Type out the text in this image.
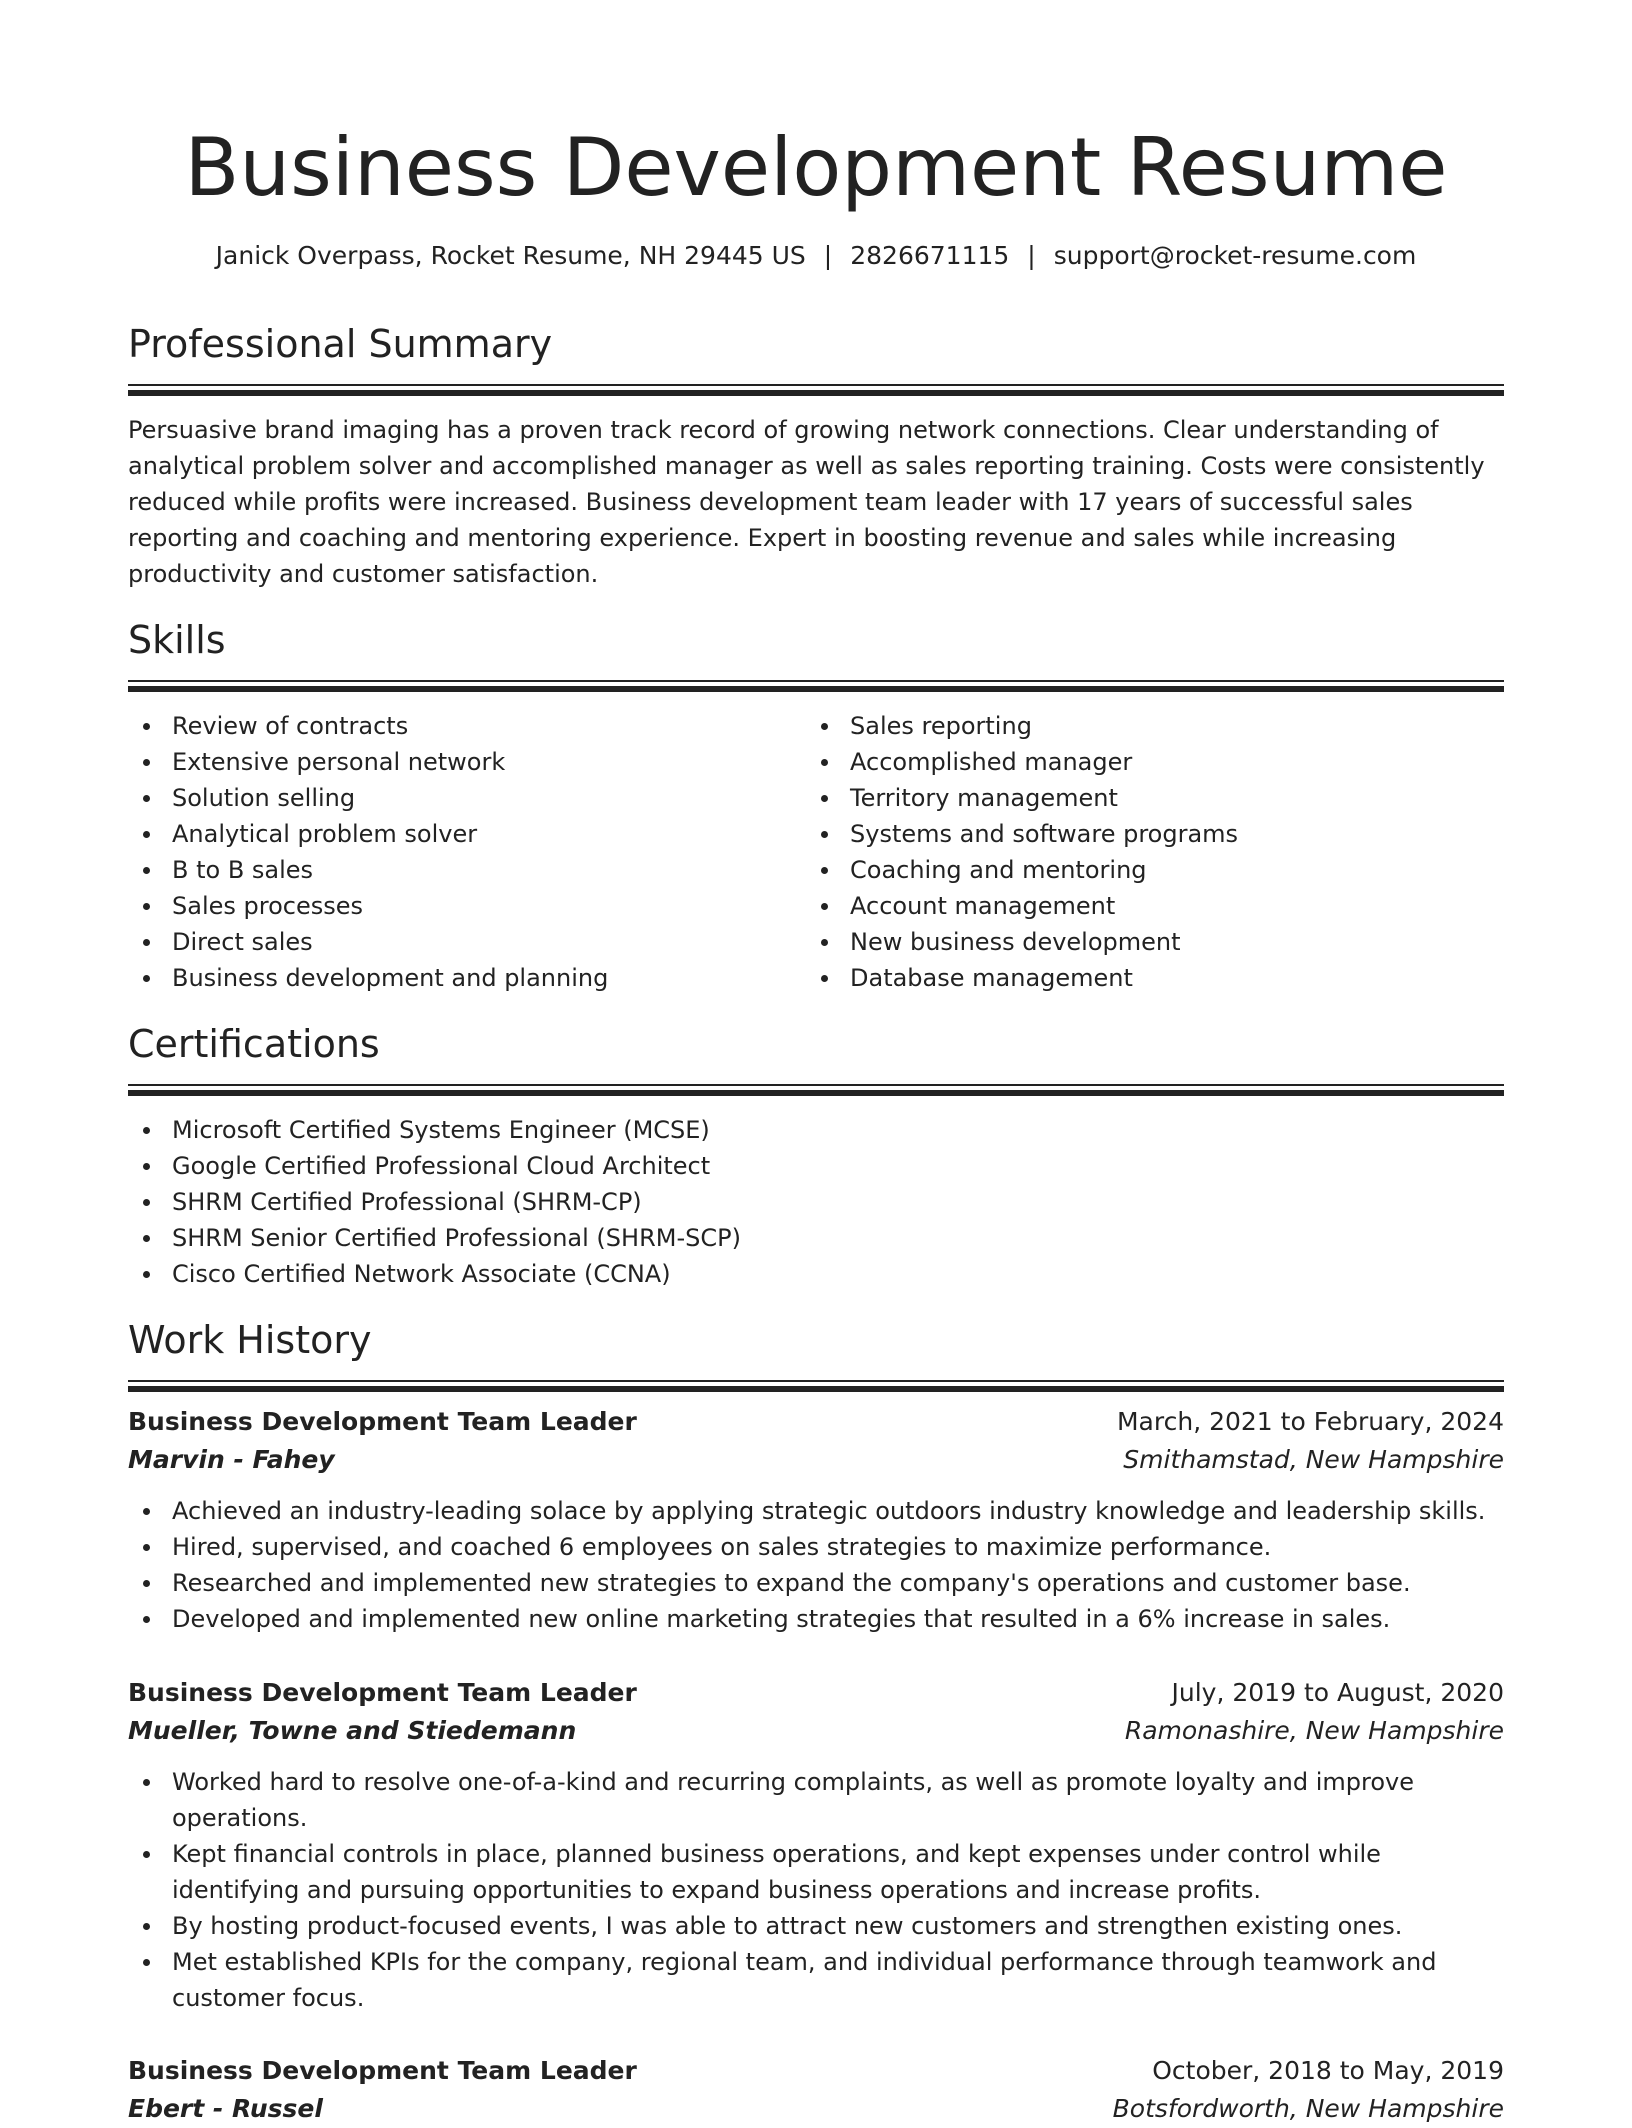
Business Development Resume
Janick Overpass, Rocket Resume, NH 29445 US | 2826671115 | support@rocket-resume.com
Professional Summary

Persuasive brand imaging has a proven track record of growing network connections. Clear understanding of analytical problem solver and accomplished manager as well as sales reporting training. Costs were consistently reduced while profits were increased. Business development team leader with 17 years of successful sales reporting and coaching and mentoring experience. Expert in boosting revenue and sales while increasing productivity and customer satisfaction.

Skills
Review of contracts
Extensive personal network
Solution selling
Analytical problem solver
B to B sales
Sales processes
Direct sales
Business development and planning
Sales reporting
Accomplished manager
Territory management
Systems and software programs
Coaching and mentoring
Account management
New business development
Database management
Certifications
Microsoft Certified Systems Engineer (MCSE)
Google Certified Professional Cloud Architect
SHRM Certified Professional (SHRM-CP)
SHRM Senior Certified Professional (SHRM-SCP)
Cisco Certified Network Associate (CCNA)
Work History
Business Development Team Leader	March, 2021 to February, 2024
Marvin - Fahey	Smithamstad, New Hampshire
Achieved an industry-leading solace by applying strategic outdoors industry knowledge and leadership skills.
Hired, supervised, and coached 6 employees on sales strategies to maximize performance.
Researched and implemented new strategies to expand the company's operations and customer base.
Developed and implemented new online marketing strategies that resulted in a 6% increase in sales.
Business Development Team Leader	July, 2019 to August, 2020
Mueller, Towne and Stiedemann	Ramonashire, New Hampshire
Worked hard to resolve one-of-a-kind and recurring complaints, as well as promote loyalty and improve operations.
Kept financial controls in place, planned business operations, and kept expenses under control while identifying and pursuing opportunities to expand business operations and increase profits.
By hosting product-focused events, I was able to attract new customers and strengthen existing ones.
Met established KPIs for the company, regional team, and individual performance through teamwork and customer focus.
Business Development Team Leader	October, 2018 to May, 2019
Ebert - Russel	Botsfordworth, New Hampshire
